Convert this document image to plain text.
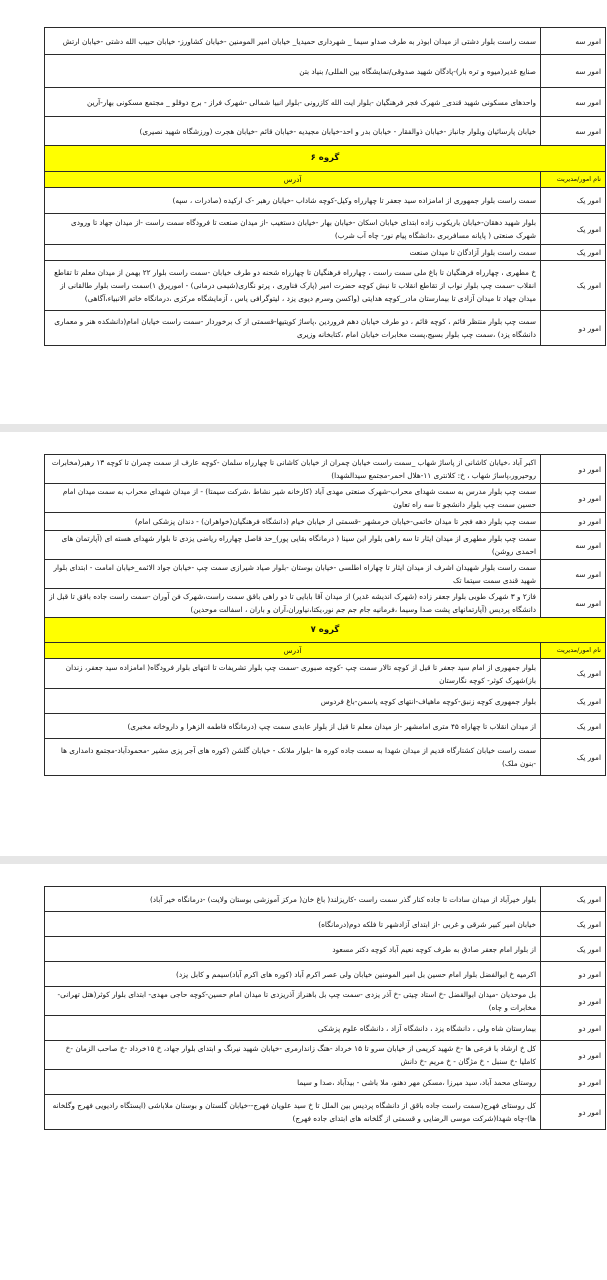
امور سه	سمت راست بلوار دشتی از میدان ابوذر به طرف صداو سیما _ شهرداری حمیدیا_ خیابان امیر المومنین -خیابان کشاورز- خیابان حبیب الله دشتی -خیابان ارتش
امور سه	صنایع غدیر(میوه و تره بار)-پادگان شهید صدوقی/نمایشگاه بین المللی/ بنیاد بتن
امور سه	واحدهای مسکونی شهید قندی_ شهرک فجر فرهنگیان -بلوار ایت الله کازرونی -بلوار انبیا شمالی -شهرک فراز - برج دوقلو _ مجتمع مسکونی بهار-آرین
امور سه	خیابان پارسائیان وبلوار جانباز -خیابان ذوالفقار - خیابان بدر و احد-خیابان مجیدیه -خیابان قائم -خیابان هجرت (ورزشگاه شهید نصیری)
گروه ۶	
نام امور/مدیریت	آدرس
امور یک	سمت راست بلوار جمهوری از امامزاده سید جعفر تا چهارراه وکیل-کوچه شاداب -خیابان رهبر -ک ارکیده (صادرات ، سپه)
امور یک	بلوار شهید دهقان-خیابان باریکوب زاده ابتدای خیابان اسکان -خیابان بهار -خیابان دستغیب -از میدان صنعت تا فرودگاه سمت راست -از میدان جهاد تا ورودی شهرک صنعتی ( پایانه مسافربری ،دانشگاه پیام نور- چاه آب شرب)
امور یک	سمت راست بلوار آزادگان تا میدان صنعت
امور یک	خ مطهری ، چهارراه فرهنگیان تا باغ ملی سمت راست ، چهارراه فرهنگیان تا چهارراه شحنه دو طرف خیابان -سمت راست بلوار ۲۲ بهمن از میدان معلم تا تقاطع انقلاب -سمت چپ بلوار نواب از تقاطع انقلاب تا نبش کوچه حضرت امیر (پارک فناوری ، پرتو نگاری(شیمی درمانی) - امورپرق ۱)سمت راست بلوار طالقانی از میدان جهاد تا میدان آزادی تا بیمارستان مادر_کوچه هدایتی (واکسن وسرم دیوی یزد ، لیتوگرافی یاس ، آزمایشگاه مرکزی ،درمانگاه خاتم الانبیاء،آگاهی)
امور دو	سمت چپ بلوار منتظر قائم ، کوچه قائم ، دو طرف خیابان دهم فروردین ،پاساژ کویتیها-قسمتی از ک برخوردار -سمت راست خیابان امام(دانشکده هنر و معماری دانشگاه یزد) ،سمت چپ بلوار بسیج،پست مخابرات خیابان امام ،کتابخانه وزیری
امور دو	اکبر آباد ،خیابان کاشانی از پاساژ شهاب _سمت راست خیابان چمران از خیابان کاشانی تا چهارراه سلمان -کوچه عارف از سمت چمران تا کوچه ۱۳ رهبر(مخابرات روحیرور،پاساژ شهاب ، خ: کلانتری ۱۱-هلال احمر-مجتمع سیدالشهدا)
امور دو	سمت چپ بلوار مدرس به سمت شهدای محراب-شهرک صنعتی مهدی آباد (کارخانه شیر نشاط ،شرکت سیمتا) - از میدان شهدای محراب به سمت میدان امام حسین سمت چپ بلوار دانشجو تا سه راه تعاون
امور دو	سمت چپ بلوار دهه فجر تا میدان خاتمی-خیابان خرمشهر -قسمتی از خیابان خیام (دانشگاه فرهنگیان(خواهران) - دندان پزشکی امام)
امور سه	سمت چپ بلوار مطهری از میدان ایثار تا سه راهی بلوار ابن سینا ( درمانگاه بقایی پور)_حد فاصل چهارراه ریاضی یزدی تا بلوار شهدای هسته ای (آپارتمان های احمدی روشن)
امور سه	سمت راست بلوار شهیدان اشرف از میدان ایثار تا چهاراه اطلسی -خیابان بوستان -بلوار صیاد شیرازی سمت چپ -خیابان جواد الائمه_خیابان امامت - ابتدای بلوار شهید قندی سمت سیتما تک
امور سه	فاز۲ و ۳ شهرک طوبی بلوار جعفر زاده (شهرک اندیشه غدیر) از میدان آقا بابایی تا دو راهی باقق سمت راست،شهرک فن آوران -سمت راست جاده باقق تا قبل از دانشگاه پردیس (آپارتمانهای پشت صدا وسیما ،فرمانیه جام جم جم نور،یکتا،نیاوران،آران و باران ، اسفالت موحدین)
گروه ۷	
نام امور/مدیریت	آدرس
امور یک	بلوار جمهوری از امام سید جعفر تا قبل از کوچه تالار سمت چپ -کوچه صبوری -سمت چپ بلوار تشریفات تا انتهای بلوار فرودگاه( امامزاده سید جعفر، زندان باز)شهرک کوثر- کوچه نگارستان
امور یک	بلوار جمهوری کوچه زنبق-کوچه ماهیاف-انتهای کوچه یاسمن-باغ فردوس
امور یک	از میدان انقلاب تا چهاراه ۴۵ متری امامشهر -از میدان معلم تا قبل از بلوار عابدی سمت چپ (درمانگاه فاطمه الزهرا و داروخانه مخبری)
امور یک	سمت راست خیابان کشتارگاه قدیم از میدان شهدا به سمت جاده کوره ها -بلوار ملانک - خیابان گلشن (کوره های آجر پزی مشیر -محمودآباد-مجتمع دامداری ها -بنون ملک)
امور یک	بلوار خیرآباد از میدان سادات تا جاده کنار گذر سمت راست -کاریزلند( باغ خان( مرکز آموزشی بوستان ولایت) -درمانگاه خیر آباد)
امور یک	خیابان امیر کبیر شرقی و غربی -از ابتدای آزادشهر تا فلکه دوم(درمانگاه)
امور یک	از بلوار امام جعفر صادق به طرف کوچه نعیم آباد کوچه دکتر مسعود
امور دو	اکرمیه خ ابوالفضل بلوار امام حسین بل امیر المومنین خیابان ولی عصر اکرم آباد (کوره های اکرم آباد)سیمم و کابل یزد)
امور دو	بل موحدیان -میدان ابوالفضل -خ استاد چیتی -خ آذر یزدی -سمت چپ بل باهنراز آذریزدی تا میدان امام حسین-کوچه حاجی مهدی- ابتدای بلوار کوثر(هتل تهرانی- مخابرات و چاه)
امور دو	بیمارستان شاه ولی ، دانشگاه یزد ، دانشگاه آزاد ، دانشگاه علوم پزشکی
امور دو	کل خ ارشاد با فرعی ها -خ شهید کریمی از خیابان سرو تا ۱۵ خرداد -هتگ زاندارمری -خیابان شهید نیرنگ و ابتدای بلوار جهاد، خ ۱۵خرداد -خ صاحب الزمان -خ کاملیا -خ سنبل - خ مژگان - خ مریم -خ دانش
امور دو	روستای محمد آباد، سید میرزا ،مسکن مهر دهنو، ملا باشی - بیدآباد ،صدا و سیما
امور دو	کل روستای فهرج(سمت راست جاده باقق از دانشگاه پردیس بین الملل تا خ سید علویان فهرج--خیابان گلستان و بوستان ملاباشی (ایستگاه رادیویی فهرج وگلخانه ها)-چاه شهدا(شرکت موسی الرضایی و قسمتی از گلخانه های ابتدای جاده فهرج)
